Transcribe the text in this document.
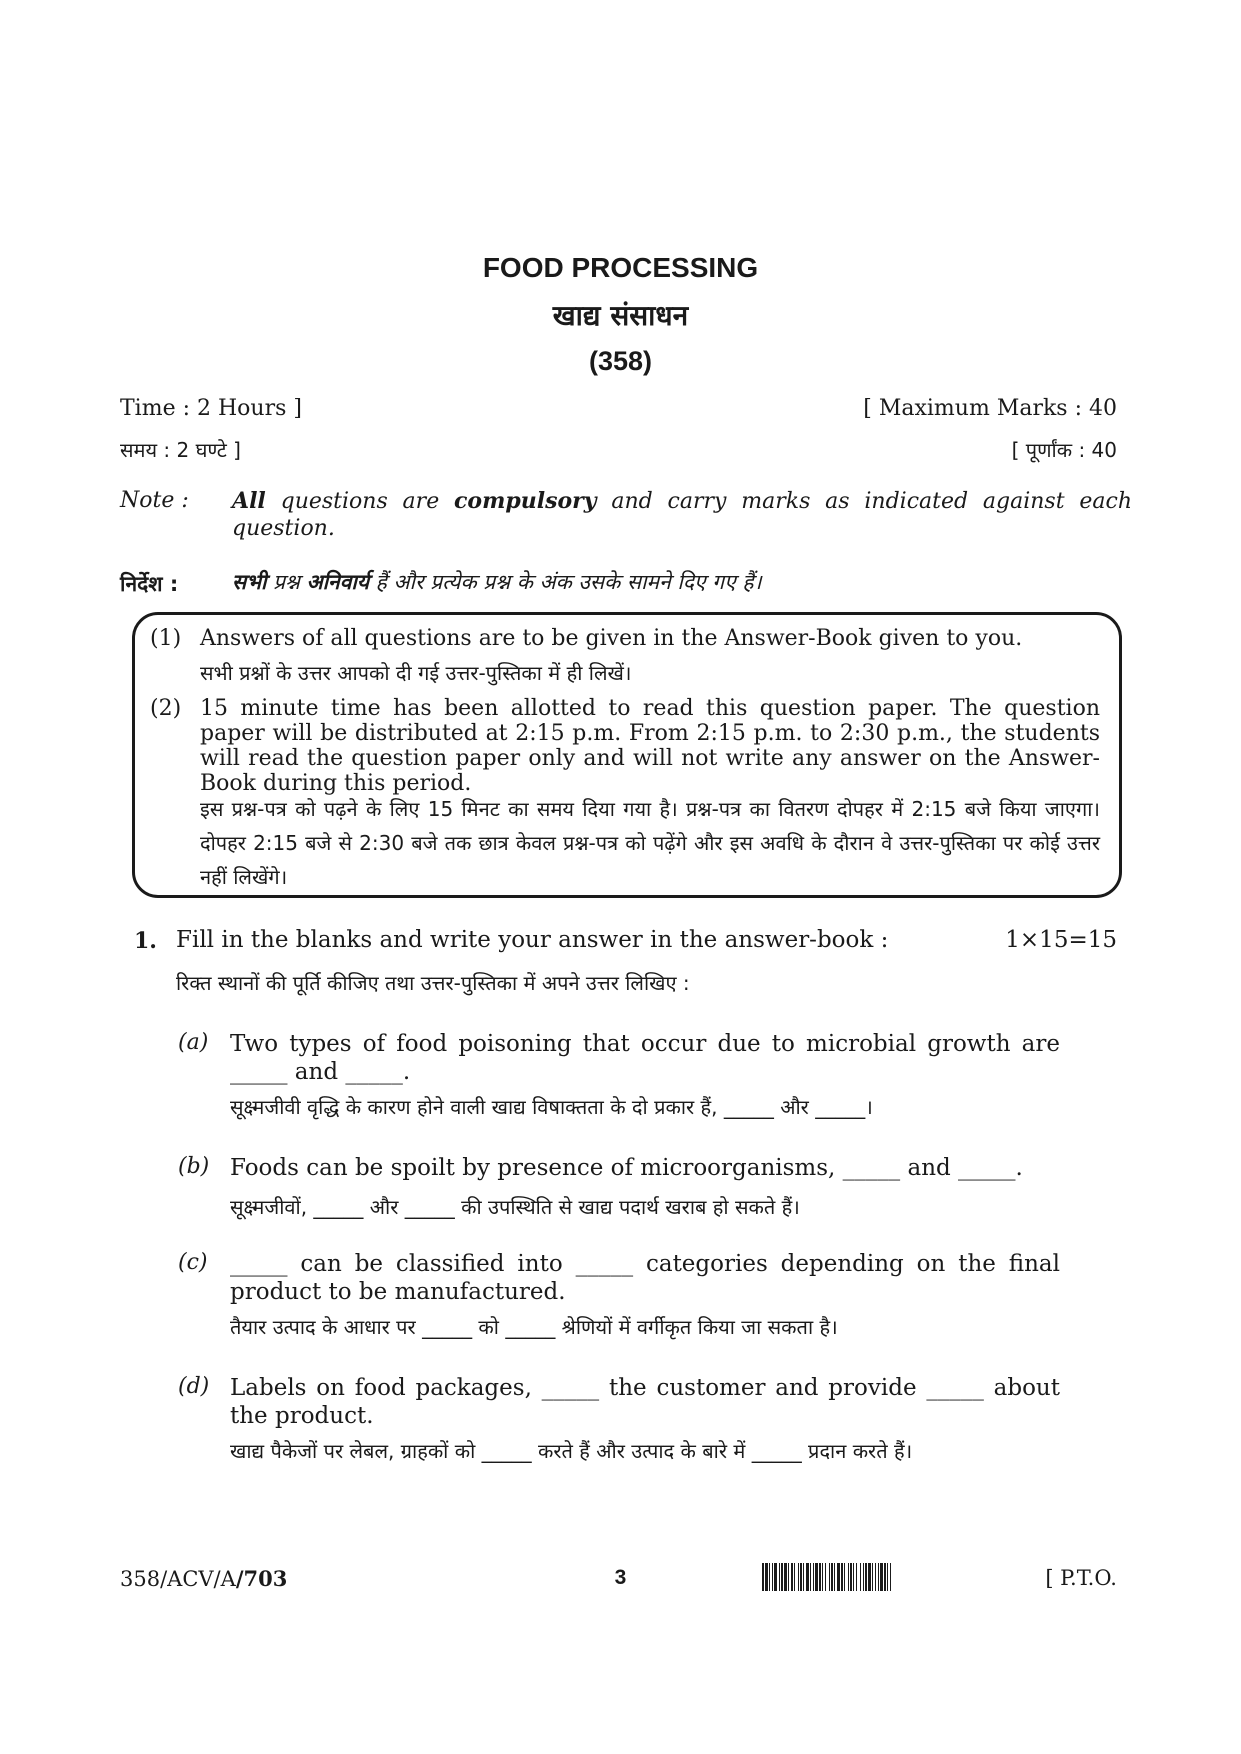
FOOD PROCESSING
खाद्य संसाधन
(358)
Time : 2 Hours ]	[ Maximum Marks : 40
समय : 2 घण्टे ]	[ पूर्णांक : 40
Note : All questions are compulsory and carry marks as indicated against each question.
निर्देश :	सभी प्रश्न अनिवार्य हैं और प्रत्येक प्रश्न के अंक उसके सामने दिए गए हैं।
(1) Answers of all questions are to be given in the Answer-Book given to you.
सभी प्रश्नों के उत्तर आपको दी गई उत्तर-पुस्तिका में ही लिखें।
(2) 15 minute time has been allotted to read this question paper. The question paper will be distributed at 2:15 p.m. From 2:15 p.m. to 2:30 p.m., the students will read the question paper only and will not write any answer on the Answer-Book during this period.
इस प्रश्न-पत्र को पढ़ने के लिए 15 मिनट का समय दिया गया है। प्रश्न-पत्र का वितरण दोपहर में 2:15 बजे किया जाएगा। दोपहर 2:15 बजे से 2:30 बजे तक छात्र केवल प्रश्न-पत्र को पढ़ेंगे और इस अवधि के दौरान वे उत्तर-पुस्तिका पर कोई उत्तर नहीं लिखेंगे।
1. Fill in the blanks and write your answer in the answer-book :	1×15=15
रिक्त स्थानों की पूर्ति कीजिए तथा उत्तर-पुस्तिका में अपने उत्तर लिखिए :
(a) Two types of food poisoning that occur due to microbial growth are _____ and _____.
सूक्ष्मजीवी वृद्धि के कारण होने वाली खाद्य विषाक्तता के दो प्रकार हैं, _____ और _____।
(b) Foods can be spoilt by presence of microorganisms, _____ and _____.
सूक्ष्मजीवों, _____ और _____ की उपस्थिति से खाद्य पदार्थ खराब हो सकते हैं।
(c) _____ can be classified into _____ categories depending on the final product to be manufactured.
तैयार उत्पाद के आधार पर _____ को _____ श्रेणियों में वर्गीकृत किया जा सकता है।
(d) Labels on food packages, _____ the customer and provide _____ about the product.
खाद्य पैकेजों पर लेबल, ग्राहकों को _____ करते हैं और उत्पाद के बारे में _____ प्रदान करते हैं।
358/ACV/A/703	3	[ P.T.O.
